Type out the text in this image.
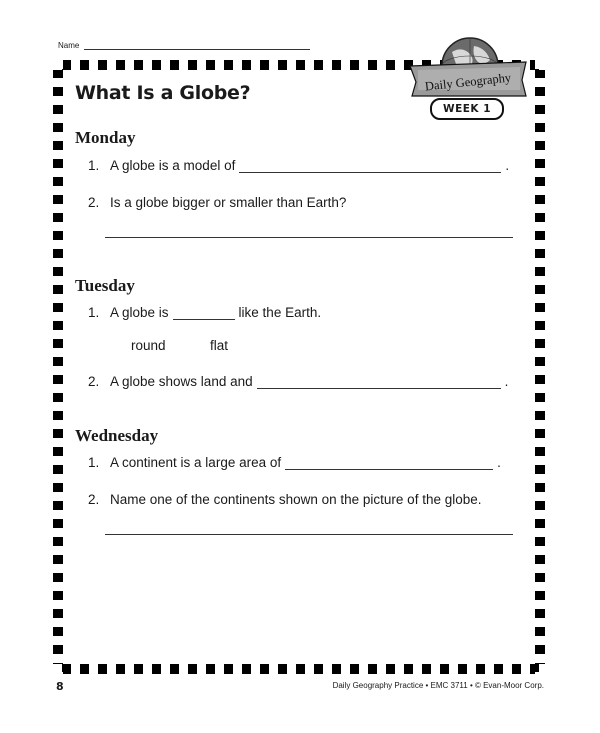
Name
Daily Geography
WEEK 1
What Is a Globe?
Monday
1. A globe is a model of	.
2. Is a globe bigger or smaller than Earth?
Tuesday
1. A globe is	like the Earth.
round	flat
2. A globe shows land and	.
Wednesday
1. A continent is a large area of	.
2. Name one of the continents shown on the picture of the globe.
8	Daily Geography Practice • EMC 3711 • © Evan-Moor Corp.
